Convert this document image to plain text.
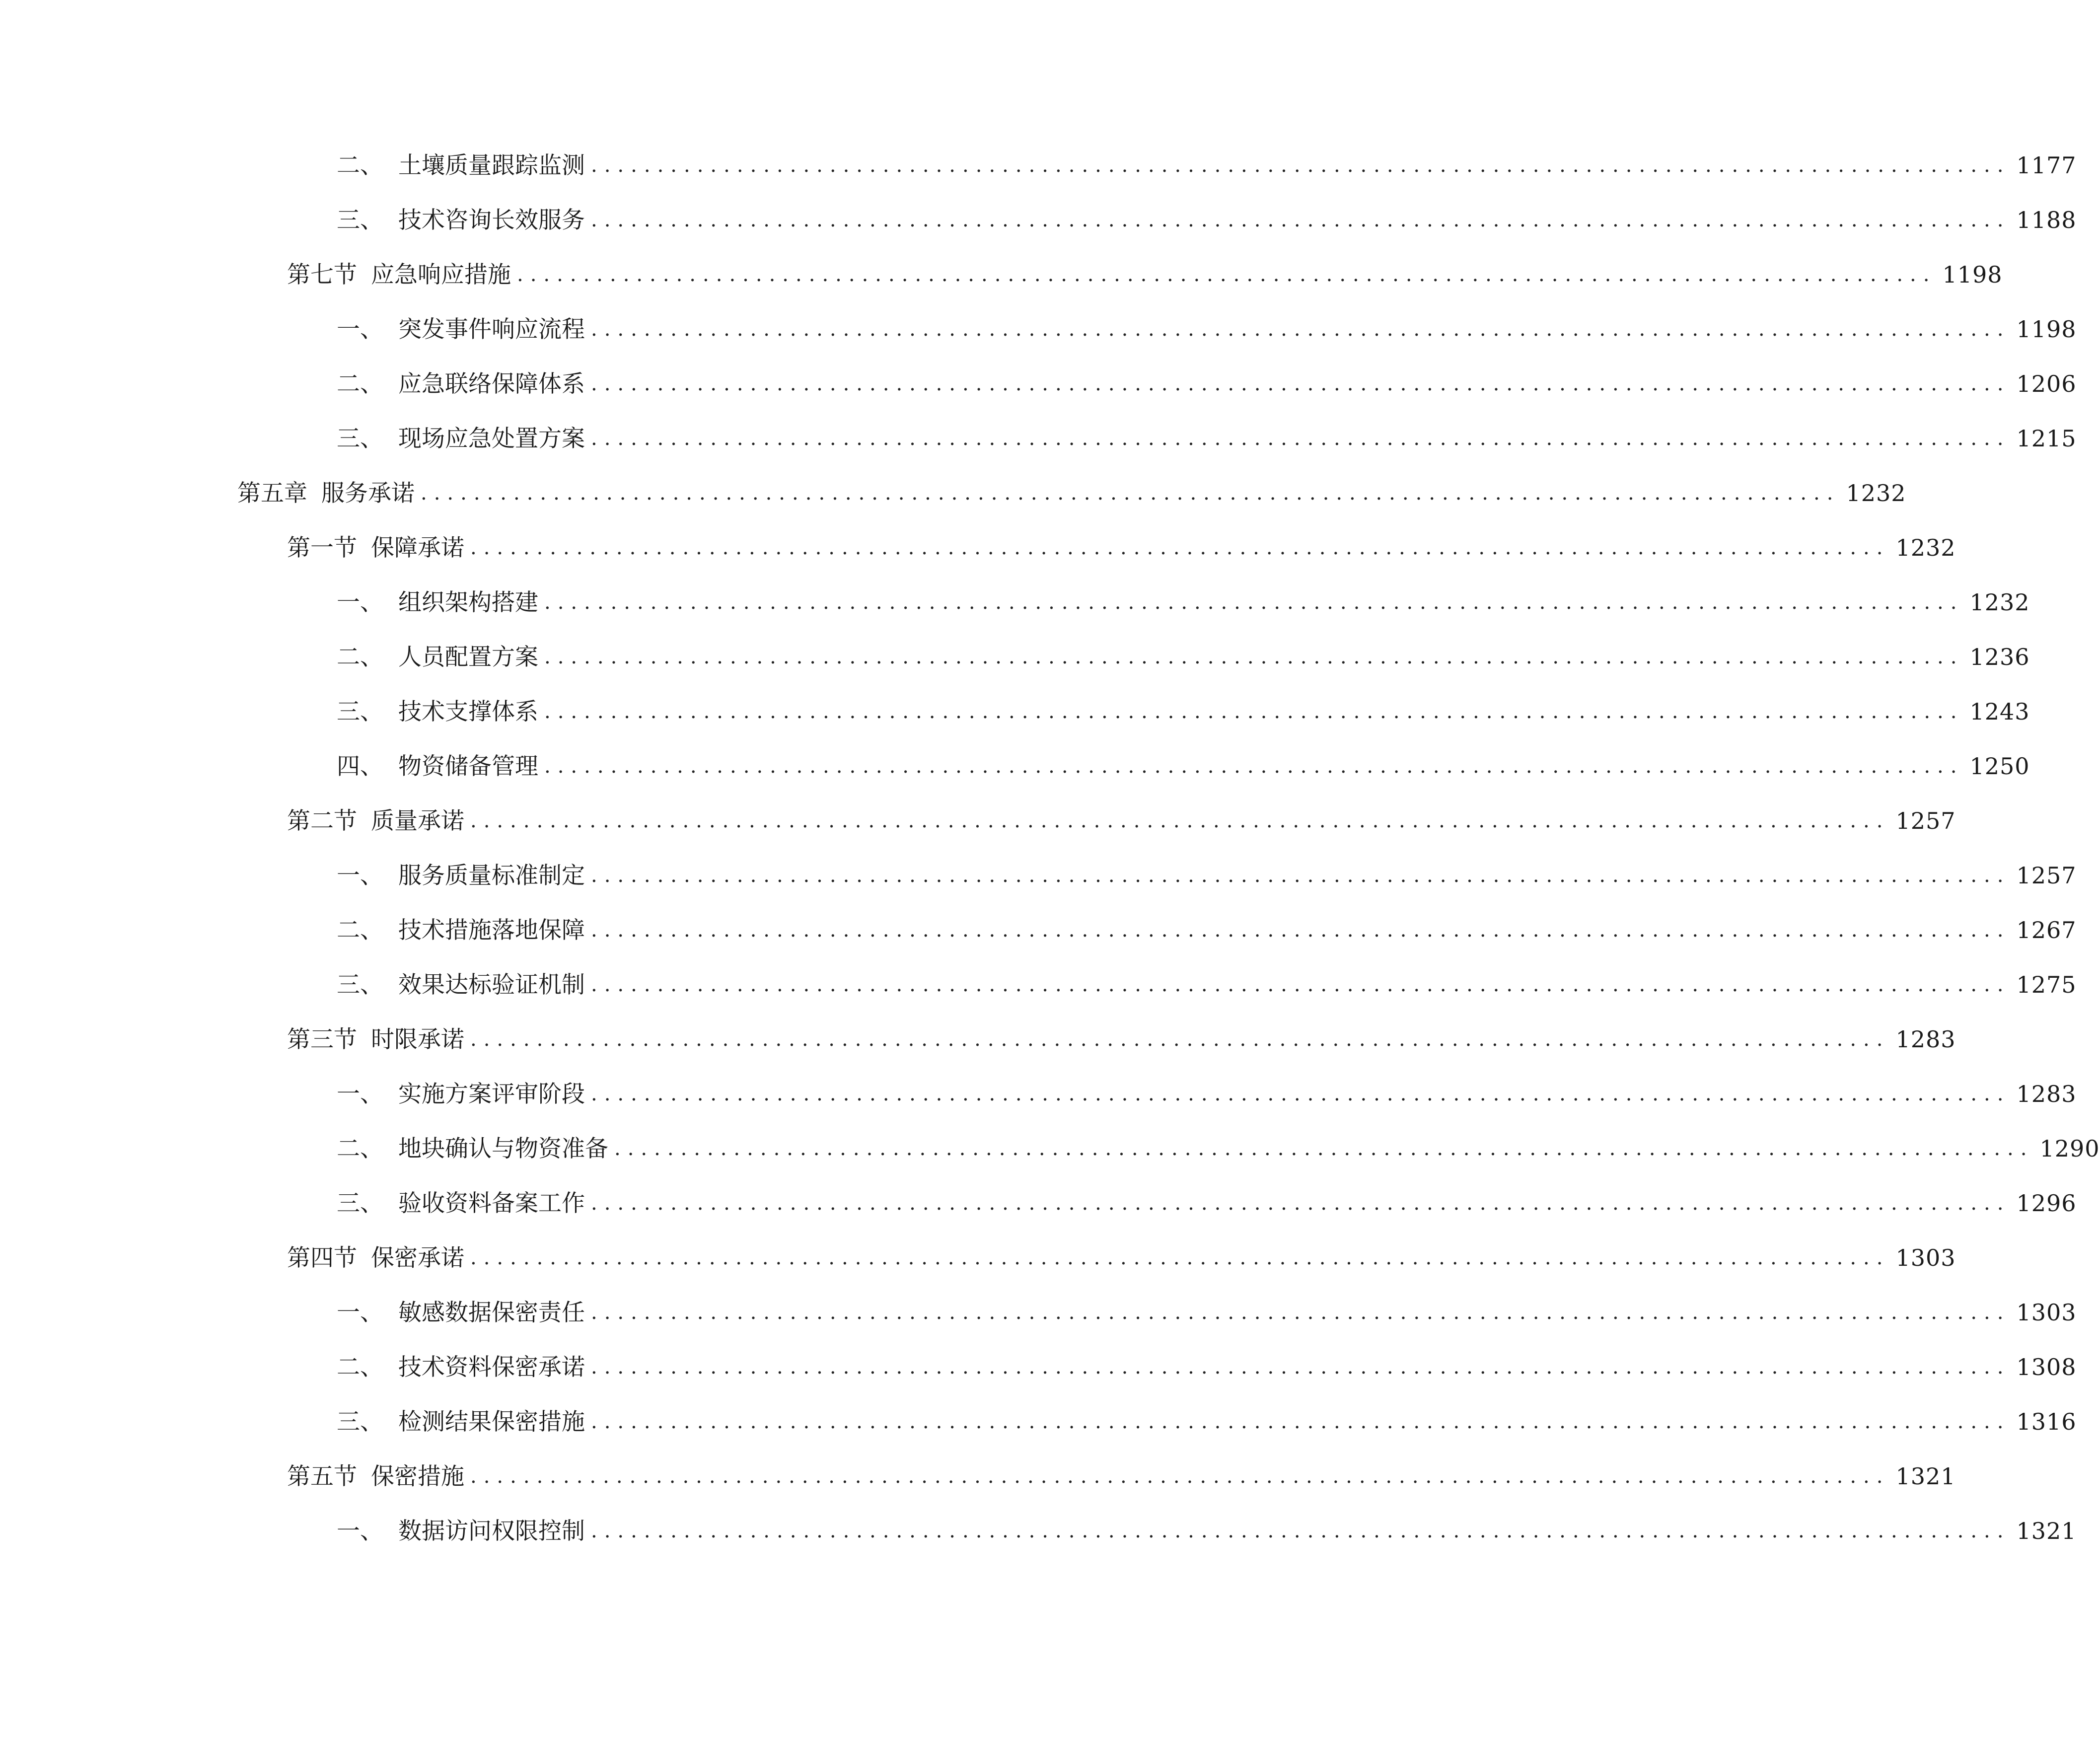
二、 土壤质量跟踪监测 ........................................................................................................... 1177
三、 技术咨询长效服务 ........................................................................................................... 1188
第七节 应急响应措施 ........................................................................................................... 1198
一、 突发事件响应流程 ........................................................................................................... 1198
二、 应急联络保障体系 ........................................................................................................... 1206
三、 现场应急处置方案 ........................................................................................................... 1215
第五章 服务承诺 ........................................................................................................... 1232
第一节 保障承诺 ........................................................................................................... 1232
一、 组织架构搭建 ........................................................................................................... 1232
二、 人员配置方案 ........................................................................................................... 1236
三、 技术支撑体系 ........................................................................................................... 1243
四、 物资储备管理 ........................................................................................................... 1250
第二节 质量承诺 ........................................................................................................... 1257
一、 服务质量标准制定 ........................................................................................................... 1257
二、 技术措施落地保障 ........................................................................................................... 1267
三、 效果达标验证机制 ........................................................................................................... 1275
第三节 时限承诺 ........................................................................................................... 1283
一、 实施方案评审阶段 ........................................................................................................... 1283
二、 地块确认与物资准备 ........................................................................................................... 1290
三、 验收资料备案工作 ........................................................................................................... 1296
第四节 保密承诺 ........................................................................................................... 1303
一、 敏感数据保密责任 ........................................................................................................... 1303
二、 技术资料保密承诺 ........................................................................................................... 1308
三、 检测结果保密措施 ........................................................................................................... 1316
第五节 保密措施 ........................................................................................................... 1321
一、 数据访问权限控制 ........................................................................................................... 1321
